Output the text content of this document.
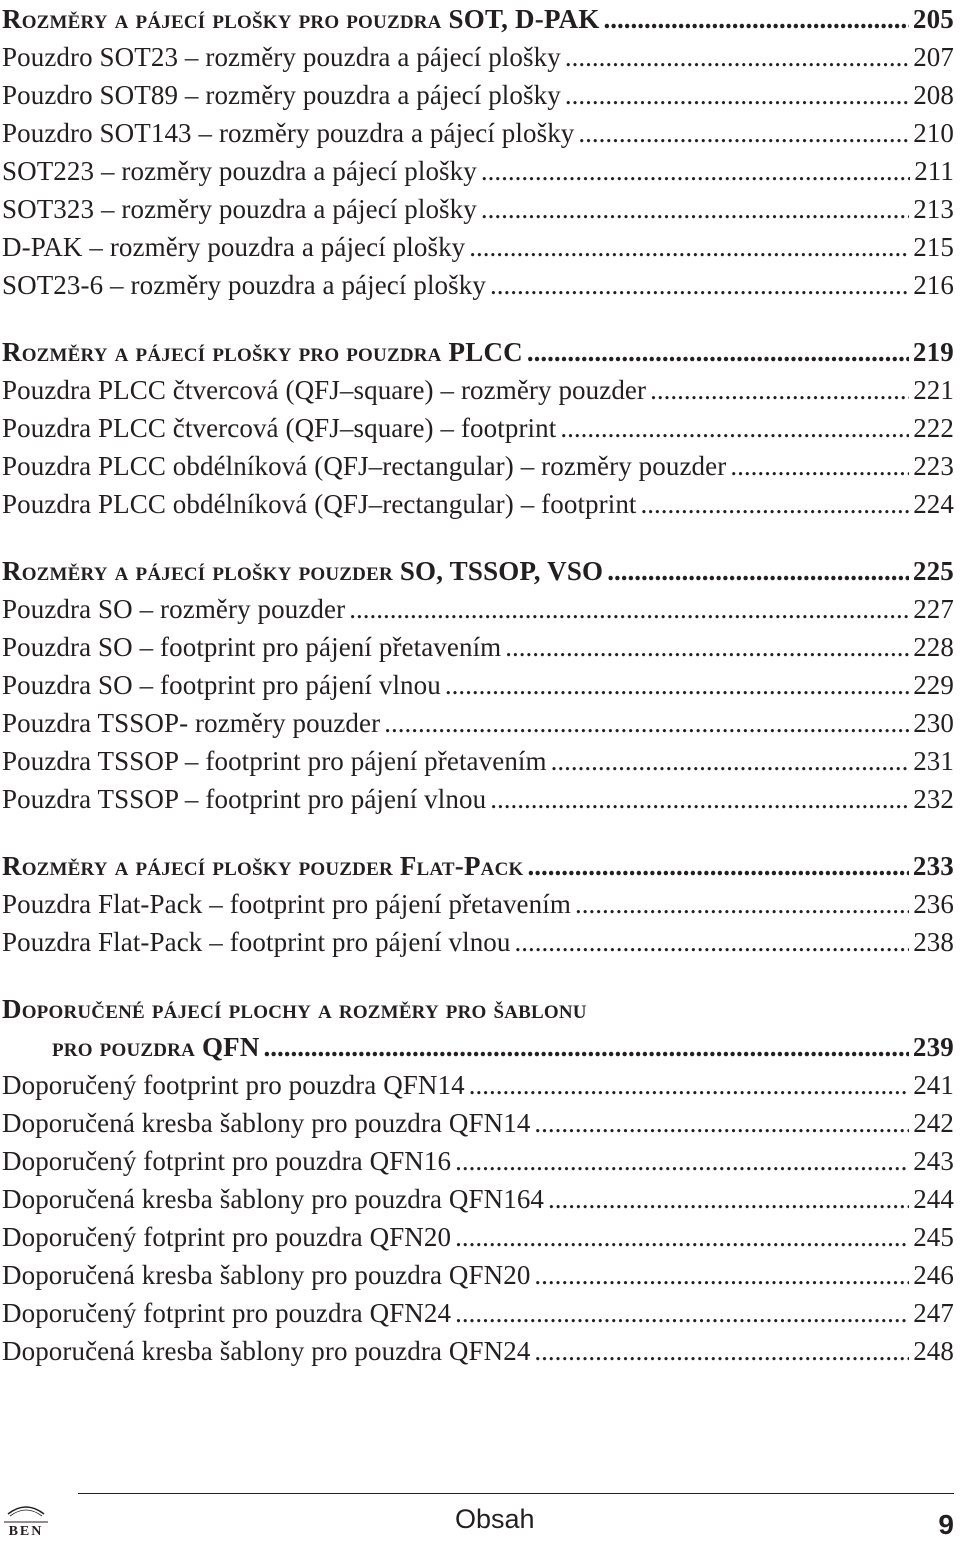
Rozměry a pájecí plošky pro pouzdra SOT, D-PAK .....	205
Pouzdro SOT23 – rozměry pouzdra a pájecí plošky .....	207
Pouzdro SOT89 – rozměry pouzdra a pájecí plošky .....	208
Pouzdro SOT143 – rozměry pouzdra a pájecí plošky .....	210
SOT223 – rozměry pouzdra a pájecí plošky .....	211
SOT323 – rozměry pouzdra a pájecí plošky .....	213
D-PAK – rozměry pouzdra a pájecí plošky .....	215
SOT23-6 – rozměry pouzdra a pájecí plošky .....	216
Rozměry a pájecí plošky pro pouzdra PLCC .....	219
Pouzdra PLCC čtvercová (QFJ–square) – rozměry pouzder .....	221
Pouzdra PLCC čtvercová (QFJ–square) – footprint .....	222
Pouzdra PLCC obdélníková (QFJ–rectangular) – rozměry pouzder .....	223
Pouzdra PLCC obdélníková (QFJ–rectangular) – footprint .....	224
Rozměry a pájecí plošky pouzder SO, TSSOP, VSO .....	225
Pouzdra SO – rozměry pouzder .....	227
Pouzdra SO – footprint pro pájení přetavením .....	228
Pouzdra SO – footprint pro pájení vlnou .....	229
Pouzdra TSSOP- rozměry pouzder .....	230
Pouzdra TSSOP – footprint pro pájení přetavením .....	231
Pouzdra TSSOP – footprint pro pájení vlnou .....	232
Rozměry a pájecí plošky pouzder Flat-Pack .....	233
Pouzdra Flat-Pack – footprint pro pájení přetavením .....	236
Pouzdra Flat-Pack – footprint pro pájení vlnou .....	238
Doporučené pájecí plochy a rozměry pro šablonu
pro pouzdra QFN .....	239
Doporučený footprint pro pouzdra QFN14 .....	241
Doporučená kresba šablony pro pouzdra QFN14 .....	242
Doporučený fotprint pro pouzdra QFN16 .....	243
Doporučená kresba šablony pro pouzdra QFN164 .....	244
Doporučený fotprint pro pouzdra QFN20 .....	245
Doporučená kresba šablony pro pouzdra QFN20 .....	246
Doporučený fotprint pro pouzdra QFN24 .....	247
Doporučená kresba šablony pro pouzdra QFN24 .....	248
BEN	Obsah	9
